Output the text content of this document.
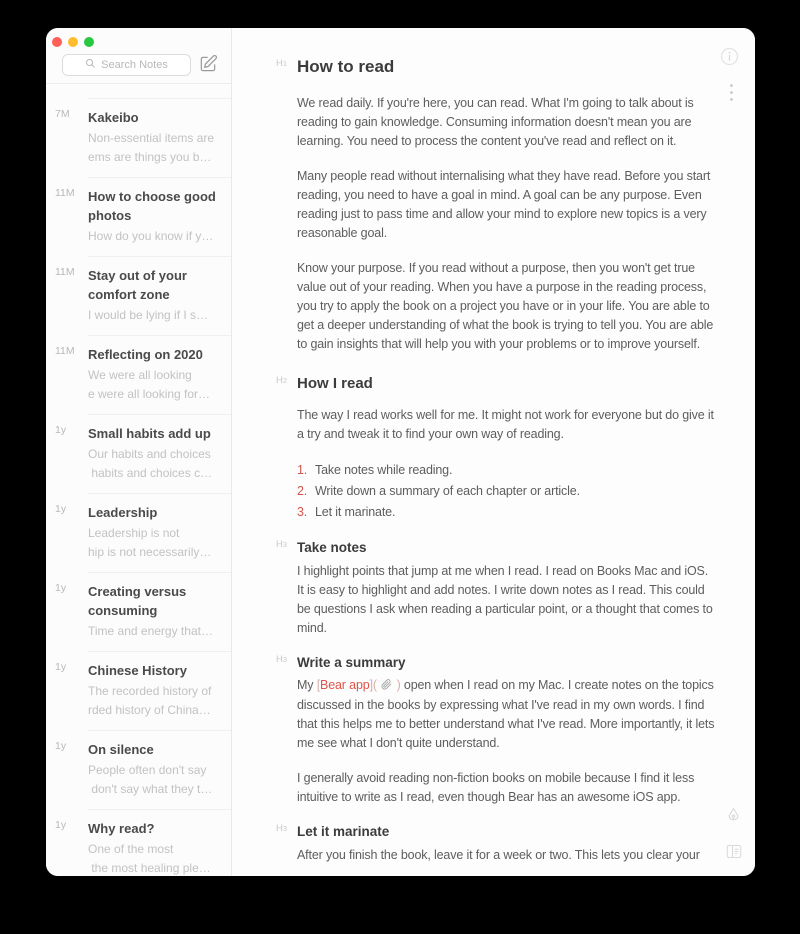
Search Notes
7M	Kakeibo
Non-essential items are
ems are things you b…
11M	How to choose good photos
How do you know if y…
11M	Stay out of your comfort zone
I would be lying if I s…
11M	Reflecting on 2020
We were all looking
e were all looking for…
1y	Small habits add up
Our habits and choices
habits and choices c…
1y	Leadership
Leadership is not
hip is not necessarily…
1y	Creating versus consuming
Time and energy that…
1y	Chinese History
The recorded history of
rded history of China…
1y	On silence
People often don't say
don't say what they t…
1y	Why read?
One of the most
the most healing ple…
H1 How to read
We read daily. If you're here, you can read. What I'm going to talk about is reading to gain knowledge. Consuming information doesn't mean you are learning. You need to process the content you've read and reflect on it.
Many people read without internalising what they have read. Before you start reading, you need to have a goal in mind. A goal can be any purpose. Even reading just to pass time and allow your mind to explore new topics is a very reasonable goal.
Know your purpose. If you read without a purpose, then you won't get true value out of your reading. When you have a purpose in the reading process, you try to apply the book on a project you have or in your life. You are able to get a deeper understanding of what the book is trying to tell you. You are able to gain insights that will help you with your problems or to improve yourself.
H2 How I read
The way I read works well for me. It might not work for everyone but do give it a try and tweak it to find your own way of reading.
1. Take notes while reading.
2. Write down a summary of each chapter or article.
3. Let it marinate.
H3 Take notes
I highlight points that jump at me when I read. I read on Books Mac and iOS. It is easy to highlight and add notes. I write down notes as I read. This could be questions I ask when reading a particular point, or a thought that comes to mind.
H3 Write a summary
My [Bear app]( ) open when I read on my Mac. I create notes on the topics discussed in the books by expressing what I've read in my own words. I find that this helps me to better understand what I've read. More importantly, it lets me see what I don't quite understand.
I generally avoid reading non-fiction books on mobile because I find it less intuitive to write as I read, even though Bear has an awesome iOS app.
H3 Let it marinate
After you finish the book, leave it for a week or two. This lets you clear your
